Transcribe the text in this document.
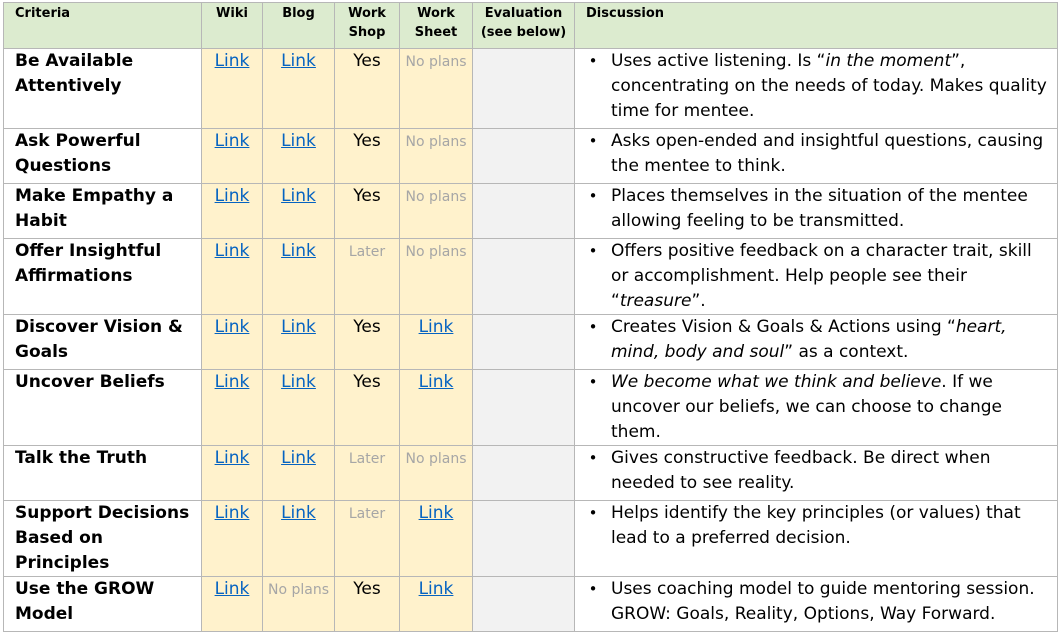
Criteria	Wiki	Blog	Work Shop	Work Sheet	Evaluation (see below)	Discussion
Be Available Attentively	Link	Link	Yes	No plans		• Uses active listening. Is “in the moment”, concentrating on the needs of today. Makes quality time for mentee.

Ask Powerful Questions	Link	Link	Yes	No plans		• Asks open-ended and insightful questions, causing the mentee to think.

Make Empathy a Habit	Link	Link	Yes	No plans		• Places themselves in the situation of the mentee allowing feeling to be transmitted.

Offer Insightful Affirmations	Link	Link	Later	No plans		• Offers positive feedback on a character trait, skill or accomplishment. Help people see their “treasure”.

Discover Vision & Goals	Link	Link	Yes	Link		• Creates Vision & Goals & Actions using “heart, mind, body and soul” as a context.

Uncover Beliefs	Link	Link	Yes	Link		• We become what we think and believe. If we uncover our beliefs, we can choose to change them.

Talk the Truth	Link	Link	Later	No plans		• Gives constructive feedback. Be direct when needed to see reality.

Support Decisions Based on Principles	Link	Link	Later	Link		• Helps identify the key principles (or values) that lead to a preferred decision.

Use the GROW Model	Link	No plans	Yes	Link		• Uses coaching model to guide mentoring session. GROW: Goals, Reality, Options, Way Forward.
